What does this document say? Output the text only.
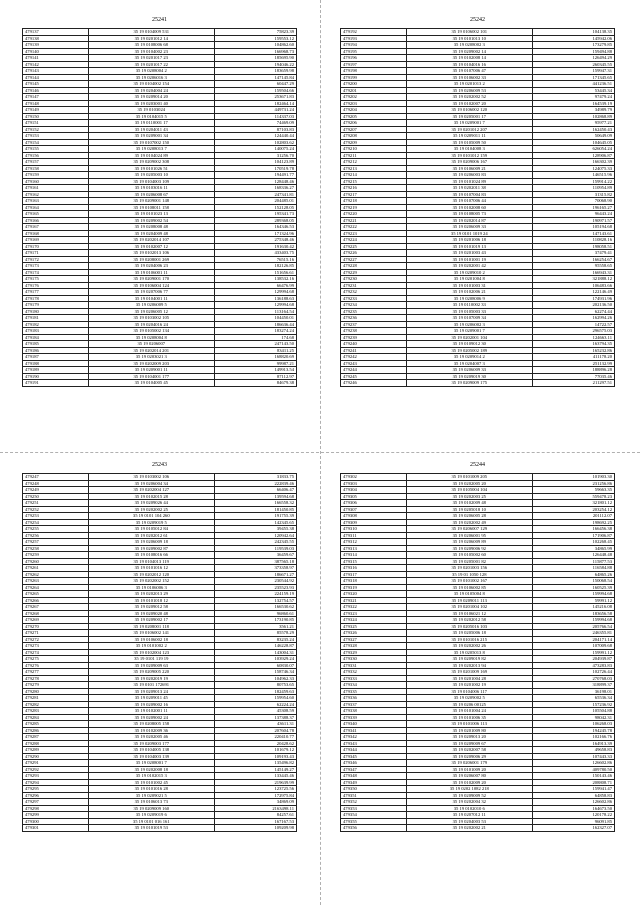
25241
479137	35 19 0104009 531	75823.39
479138	35 19 0201012 14	159553.12
479139	35 19 0108006 68	104862.60
479140	35 19 0104002 23	166968.73
479141	35 19 0201017 23	185695.90
479142	35 19 0201017 22	194046.22
479143	35 19 0208004 2	183659.98
479144	35 19 0206016 3	147145.84
479145	35 19 0104002 154	60447.29
479146	35 19 0204004 24	159504.66
479147	35 19 0209014 20	253671.83
479148	35 19 0203001 40	182464.14
479149	35 19 0103024	449731.24
479150	35 19 0104015 5	114337.03
479151	35 19 0110001 17	74469.09
479152	35 19 0204011 43	87103.83
479153	35 19 0209001 34	124440.44
479154	35 19 0107002 150	102803.62
479155	35 19 0208013 7	140075.24
479156	35 19 0104024 89	31256.70
479157	35 19 0209002 308	104123.89
479158	35 19 0101026 51	170519.78
479159	35 19 0205003 10	194491.77
479160	35 19 0104003 109	128448.46
479161	35 19 0103016 11	168336.27
479162	35 19 0206008 67	247341.81
479163	35 19 0209001 148	204485.01
479164	35 19 0108011 158	152128.05
479165	35 19 0101023 13	195341.73
479166	35 19 0209002 54	289368.05
479167	35 19 0208008 48	164346.53
479168	35 19 0204009 48	171324.96
479169	35 19 0202014 107	275348.46
479170	35 19 0102007 12	191630.42
479171	35 19 0102013 106	433403.75
479172	35 19 0208001 269	76515.16
479173	35 19 0204006 23	182126.85
479174	35 19 0106001 11	151656.61
479175	35 19 0209001 170	138532.16
479176	35 19 0106004 124	66476.99
479177	35 19 0207006 77	129994.68
479178	35 19 0104001 11	136188.63
479179	35 19 0206009 5	129994.68
479180	35 19 0206005 12	113164.54
479181	35 19 0103002 105	104450.01
479182	35 19 0204016 24	186636.44
479183	35 19 0105002 134	183274.24
479184	35 19 0208004 8	174.68
479185	35 19 0206007	247143.50
479186	35 19 0202014 201	83411.25
479187	35 19 0203021 3	168820.69
479188	35 19 0202009 203	99987.21
479189	35 19 0209001 11	149913.54
479190	35 19 0104001 177	87112.97
479191	35 19 0104005 45	84679.38
25242
479192	35 19 0106002 101	104138.35
479193	35 19 0101013 10	145942.06
479194	35 19 0208002 3	173279.85
479195	35 19 0209002 14	159494.88
479196	35 19 0102008 14	126494.29
479197	35 19 0104016 16	260345.55
479198	35 19 0107006 47	159947.31
479199	35 19 0106002 33	171345.65
479200	35 19 0201013 2	441236.51
479201	35 19 0206009 53	53445.34
479202	35 19 0202002 52	97479.24
479203	35 19 0102007 20	164539.19
479204	35 19 0106002 120	34989.79
479205	35 19 0205001 17	102868.89
479206	35 19 0209001 7	95977.21
479207	35 19 0201012 207	162450.43
479208	35 19 0209011 11	50649.09
479209	35 19 0105009 50	104645.05
479210	35 19 0104008 3	626054.24
479211	35 19 0101012 159	128906.87
479212	35 19 0209006 167	166302.39
479213	35 19 0106009 21	124075.33
479214	35 19 0206003 83	146515.96
479215	35 19 0101024 89	159914.22
479216	35 19 0202011 38	110954.89
479217	35 19 0107004 83	31315.82
479218	35 19 0107006 44	70068.90
479219	35 19 0102008 60	196165.27
479220	35 19 0108005 73	96443.24
479221	35 19 0202014 87	190971.57
479222	35 19 0206009 33	105194.68
479223	35 19 0101 1019 24	147143.61
479224	35 19 0201006 18	110828.16
479225	35 19 0101019 13	198058.51
479226	35 19 0201003 43	37479.41
479227	35 19 0101001 19	166254.67
479228	35 19 0202001 42	95558.65
479229	35 19 0209010 2	166943.31
479230	35 19 0201004 8	321888.12
479231	35 19 0101003 31	106483.66
479232	35 19 0102006 21	122146.49
479233	35 19 0208006 9	174931.96
479234	35 19 0110002 33	202136.50
479235	35 19 0105003 33	62274.44
479236	35 19 0107009 34	162994.26
479237	35 19 0206002 3	14722.57
479238	35 19 0209001 7	296575.03
479239	35 19 0202001 104	124663.11
479240	35 19 0109012 30	163794.35
479241	35 19 0205002 189	165232.86
479242	35 19 0209014 2	411178.20
479243	35 19 0204007 3	251132.99
479244	35 19 0206009 33	188896.28
479245	35 19 0209019 30	77035.46
479246	35 19 0209009 175	211297.51
25243
479247	35 19 0103002 106	31833.75
479248	35 19 0206004 34	222839.46
479249	35 19 0202004 127	66406.47
479250	35 19 0102015 28	139594.68
479251	35 19 0209026 44	166558.32
479252	35 19 0202002 25	181450.85
479253	35 19 0101 104 260	191755.39
479254	35 19 0209019 5	142345.65
479255	35 19 0105012 84	39455.38
479256	35 19 0202012 61	120942.64
479257	35 19 0206009 18	242345.55
479258	35 19 0209002 87	119539.03
479259	35 19 0108016 66	36459.67
479260	35 19 0104013 119	387565.18
479261	35 19 0101016 12	373358.97
479262	35 19 0202012 120	186671.27
479263	35 19 0202002 152	230544.92
479264	35 19 0106006 3	235523.93
479265	35 19 0202013 29	224159.19
479266	35 19 0101018 12	132754.57
479267	35 19 0209012 58	166530.62
479268	35 19 0209020 48	96860.61
479269	35 19 0209002 17	173190.85
479270	35 19 0208001 118	3561.21
479271	35 19 0106002 141	85578.29
479272	35 19 0106002 18	83235.24
479273	35 19 0101002 2	146228.87
479274	35 19 0102004 123	143004.31
479275	35 19 0101 119 19	103929.24
479276	35 19 0209009 63	60830.07
479277	35 19 0209005 220	158746.34
479278	35 19 0202019 19	104962.33
479279	35 19 0101 172691	80753.65
479280	35 19 0209013 24	182459.63
479281	35 19 0209011 45	159954.60
479282	35 19 0209002 16	62224.24
479283	35 19 0102001 11	45308.59
479284	35 19 0209002 24	137388.37
479285	35 19 0208005 158	43611.31
479286	35 19 0102009 36	207604.78
479287	35 19 0202005 46	220410.77
479288	35 19 0209003 177	20428.62
479289	35 19 0104005 138	101679.12
479290	35 19 0104003 139	109193.43
479291	35 19 0208001 7	135496.82
479292	35 19 0202008 18	145149.27
479293	35 19 0102015 3	133445.46
479294	35 19 0101002 45	219639.99
479295	35 19 0101016 28	123725.56
479296	35 19 0209021 5	172975.84
479297	35 19 0106013 73	34869.09
479298	35 19 0209009 160	2163498.11
479299	35 19 0209019 6	84257.61
479300	35 19 0101 016 161	167167.53
479301	35 19 0101019 53	109209.98
25244
479302	35 19 0101009 205	101903.30
479303	35 19 0202005 20	231256.86
479304	35 19 0105004 104	59663.35
479305	35 19 0202003 25	559478.23
479306	35 19 0102009 48	321801.12
479307	35 19 0205018 10	203254.12
479308	35 19 0206005 28	201112.07
479309	35 19 0202002 49	198692.25
479310	35 19 0206007 129	166456.38
479311	35 19 0206001 95	171906.87
479312	35 19 0206009 89	102268.45
479313	35 19 0209006 92	34865.99
479314	35 19 0105002 60	126448.48
479315	35 19 0205001 82	115877.53
479316	35 19 0201003 156	116584.88
479317	35 19 01 1050 128	64865.26
479318	35 19 0101002 167	150068.54
479319	35 19 0106002 85	160525.39
479320	35 19 0105004 8	159994.68
479321	35 19 0209011 113	59991.12
479322	35 19 0201004 102	145216.08
479323	35 19 0106021 12	183656.58
479324	35 19 0202012 58	159994.68
479325	35 19 0205016 103	205766.54
479326	35 19 0205006 18	246355.81
479327	35 19 0101016 215	204171.14
479328	35 19 0202002 26	107009.68
479329	35 19 0205013 8	159991.12
479330	35 19 0209019 82	204939.87
479331	35 19 0202013 94	473283.83
479332	35 19 0201009 169	102726.44
479333	35 19 0201004 28	270768.03
479334	35 19 0201002 19	318899.37
479335	35 19 0104006 117	36198.01
479336	35 19 0209002 5	65536.34
479337	35 19 0206 00125	157236.92
479338	35 19 0101004 24	105504.88
479339	35 19 0101006 35	98042.31
479340	35 19 0101006 113	106268.03
479341	35 19 0201009 80	194245.78
479342	35 19 0209013 20	102166.76
479343	35 19 0209009 67	164913.39
479344	35 19 0202007 58	49658.83
479345	35 19 0209006 29	107443.33
479346	35 19 0206001 179	126602.86
479347	35 19 0101009 20	409780.50
479348	35 19 0206007 80	150143.46
479349	35 19 0102009 20	208808.71
479350	35 19 0202 1082 218	159941.47
479351	35 19 0209009 52	64858.83
479352	35 19 0202004 32	126602.86
479353	35 19 0102010 6	164673.50
479354	35 19 0207012 11	120178.22
479355	35 19 0204003 53	96091.85
479356	35 19 0202002 21	162327.07
